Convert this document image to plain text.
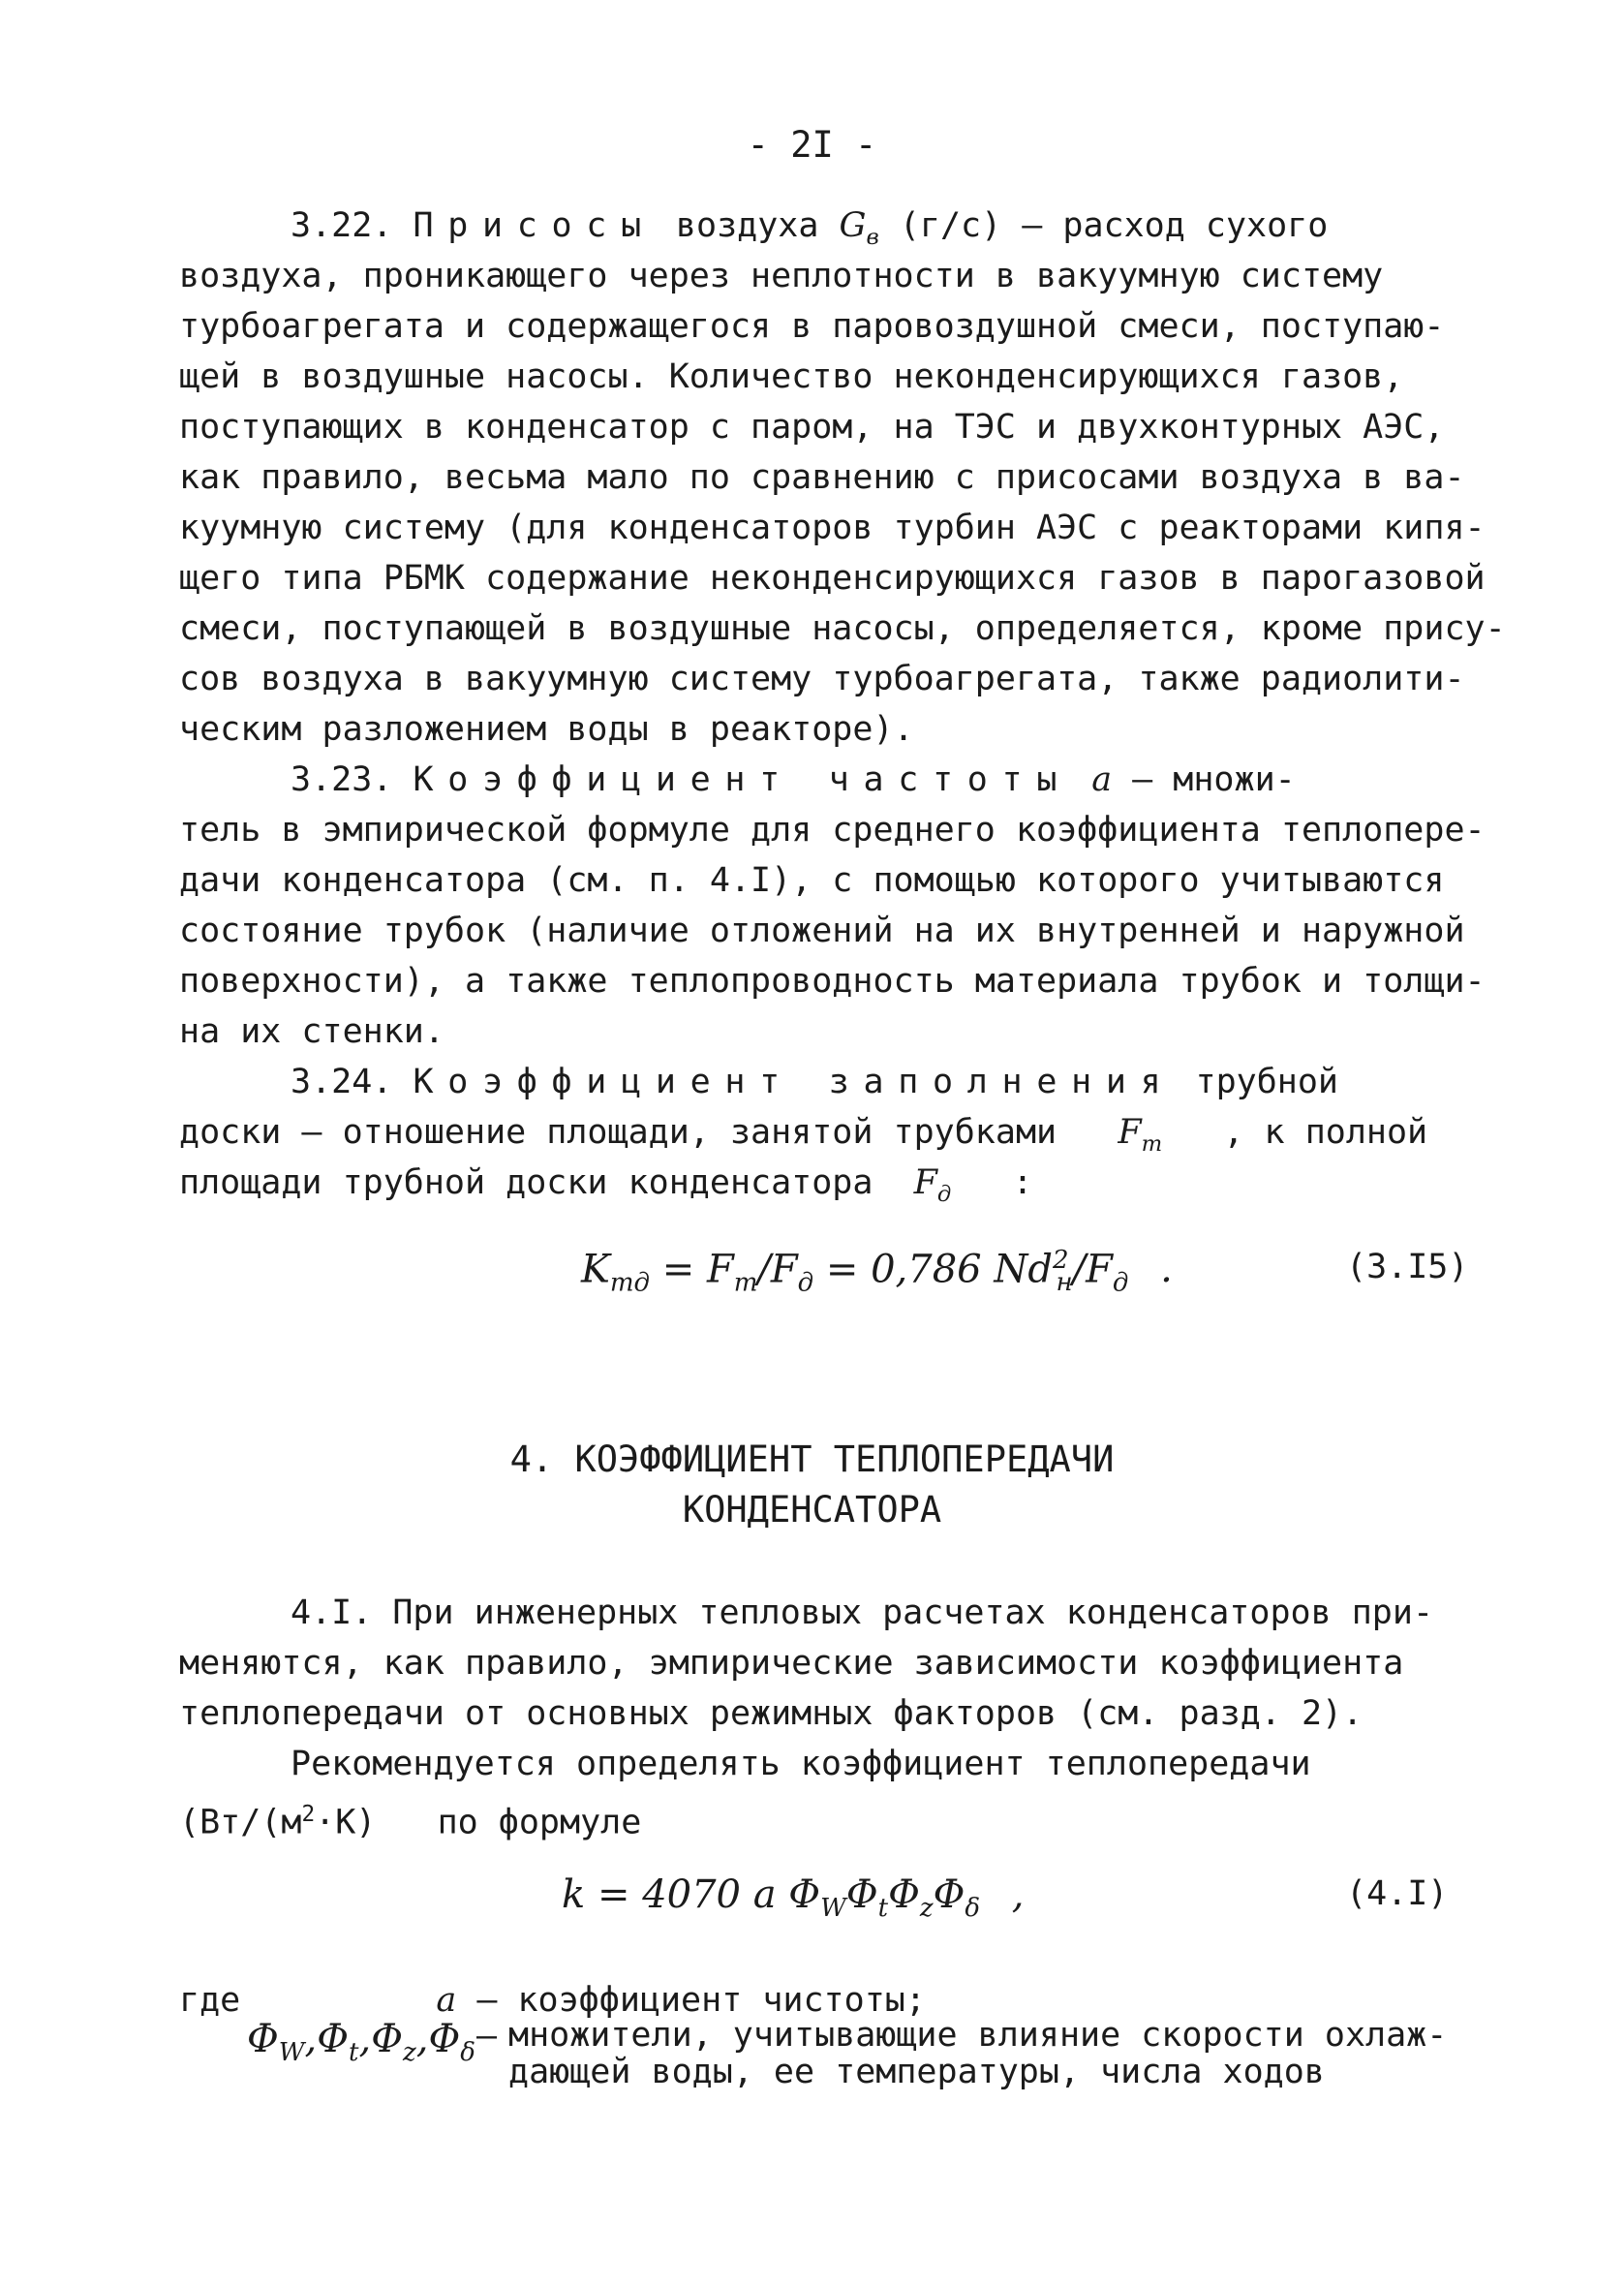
- 2I -
3.22. Присосы воздуха $G_в$ (г/с) – расход сухого
воздуха, проникающего через неплотности в вакуумную систему
турбоагрегата и содержащегося в паровоздушной смеси, поступаю-
щей в воздушные насосы. Количество неконденсирующихся газов,
поступающих в конденсатор с паром, на ТЭС и двухконтурных АЭС,
как правило, весьма мало по сравнению с присосами воздуха в ва-
куумную систему (для конденсаторов турбин АЭС с реакторами кипя-
щего типа РБМК содержание неконденсирующихся газов в парогазовой
смеси, поступающей в воздушные насосы, определяется, кроме прису-
сов воздуха в вакуумную систему турбоагрегата, также радиолити-
ческим разложением воды в реакторе).
3.23. Коэффициент частоты a – множи-
тель в эмпирической формуле для среднего коэффициента теплопере-
дачи конденсатора (см. п. 4.I), с помощью которого учитываются
состояние трубок (наличие отложений на их внутренней и наружной
поверхности), а также теплопроводность материала трубок и толщи-
на их стенки.
3.24. Коэффициент заполнения трубной
доски – отношение площади, занятой трубками $F_т$ , к полной
площади трубной доски конденсатора $F_д$ :
$K_{тд} = F_т/F_д = 0,786$ $Nd^2_н/F_д$ .	(3.I5)
4. КОЭФФИЦИЕНТ ТЕПЛОПЕРЕДАЧИ
КОНДЕНСАТОРА
4.I. При инженерных тепловых расчетах конденсаторов при-
меняются, как правило, эмпирические зависимости коэффициента
теплопередачи от основных режимных факторов (см. разд. 2).
Рекомендуется определять коэффициент теплопередачи
($Вт/(м^2\cdot К)$ по формуле
k = 4070 a $\Phi_W\Phi_t\Phi_z\Phi_\delta$ ,	(4.I)
где	a – коэффициент чистоты;
$\Phi_W,\Phi_t,\Phi_z,\Phi_\delta$ – множители, учитывающие влияние скорости охлаж-
дающей воды, ее температуры, числа ходов
